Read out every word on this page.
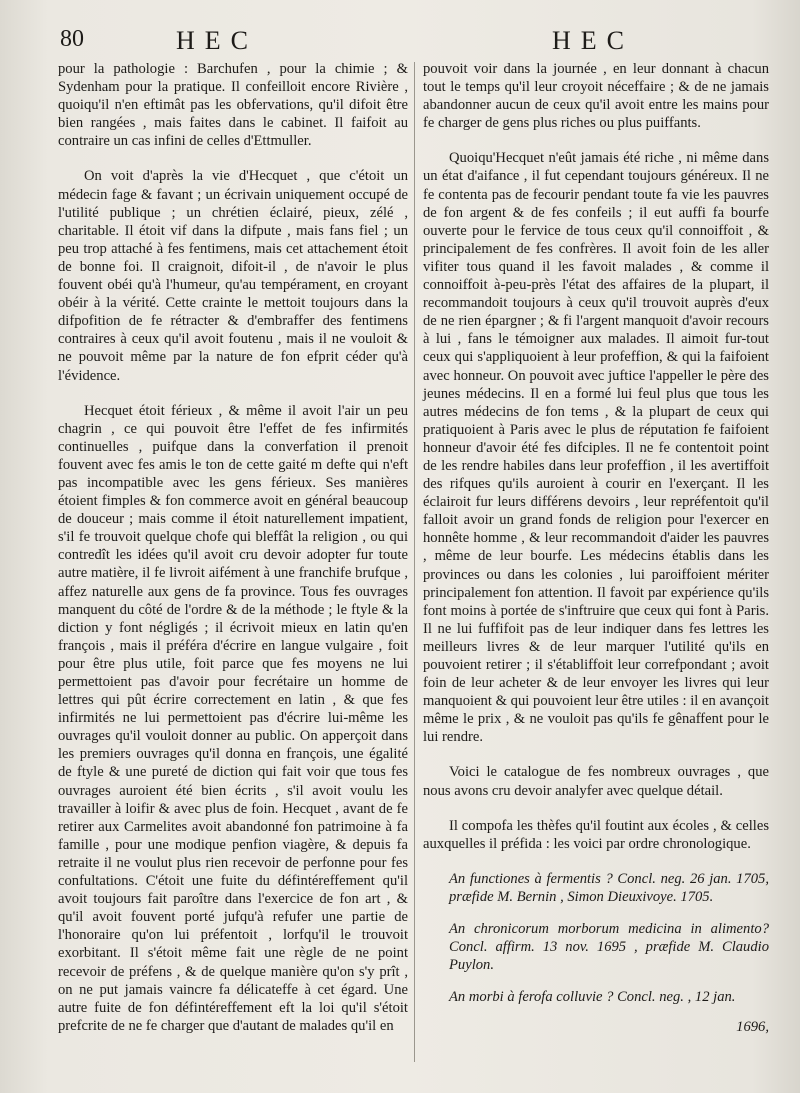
80	HEC	HEC

pour la pathologie : Barchufen , pour la chimie ; & Sydenham pour la pratique. Il confeilloit encore Rivière , quoiqu'il n'en eftimât pas les obfervations, qu'il difoit être bien rangées , mais faites dans le cabinet. Il faifoit au contraire un cas infini de celles d'Ettmuller.

On voit d'après la vie d'Hecquet , que c'étoit un médecin fage & favant ; un écrivain uniquement occupé de l'utilité publique ; un chrétien éclairé, pieux, zélé , charitable. Il étoit vif dans la difpute , mais fans fiel ; un peu trop attaché à fes fentimens, mais cet attachement étoit de bonne foi. Il craignoit, difoit-il , de n'avoir le plus fouvent obéi qu'à l'humeur, qu'au tempérament, en croyant obéir à la vérité. Cette crainte le mettoit toujours dans la difpofition de fe rétracter & d'embraffer des fentimens contraires à ceux qu'il avoit foutenu , mais il ne vouloit & ne pouvoit même par la nature de fon efprit céder qu'à l'évidence.

Hecquet étoit férieux , & même il avoit l'air un peu chagrin , ce qui pouvoit être l'effet de fes infirmités continuelles , puifque dans la converfation il prenoit fouvent avec fes amis le ton de cette gaité m defte qui n'eft pas incompatible avec les gens férieux. Ses manières étoient fimples & fon commerce avoit en général beaucoup de douceur ; mais comme il étoit naturellement impatient, s'il fe trouvoit quelque chofe qui bleffât la religion , ou qui contredît les idées qu'il avoit cru devoir adopter fur toute autre matière, il fe livroit aifément à une franchife brufque , affez naturelle aux gens de fa province. Tous fes ouvrages manquent du côté de l'ordre & de la méthode ; le ftyle & la diction y font négligés ; il écrivoit mieux en latin qu'en françois , mais il préféra d'écrire en langue vulgaire , foit pour être plus utile, foit parce que fes moyens ne lui permettoient pas d'avoir pour fecrétaire un homme de lettres qui pût écrire correctement en latin , & que fes infirmités ne lui permettoient pas d'écrire lui-même les ouvrages qu'il vouloit donner au public. On apperçoit dans les premiers ouvrages qu'il donna en françois, une égalité de ftyle & une pureté de diction qui fait voir que tous fes ouvrages auroient été bien écrits , s'il avoit voulu les travailler à loifir & avec plus de foin. Hecquet , avant de fe retirer aux Carmelites avoit abandonné fon patrimoine à fa famille , pour une modique penfion viagère, & depuis fa retraite il ne voulut plus rien recevoir de perfonne pour fes confultations. C'étoit une fuite du défintéreffement qu'il avoit toujours fait paroître dans l'exercice de fon art , & qu'il avoit fouvent porté jufqu'à refufer une partie de l'honoraire qu'on lui préfentoit , lorfqu'il le trouvoit exorbitant. Il s'étoit même fait une règle de ne point recevoir de préfens , & de quelque manière qu'on s'y prît , on ne put jamais vaincre fa délicateffe à cet égard. Une autre fuite de fon défintéreffement eft la loi qu'il s'étoit prefcrite de ne fe charger que d'autant de malades qu'il en

pouvoit voir dans la journée , en leur donnant à chacun tout le temps qu'il leur croyoit néceffaire ; & de ne jamais abandonner aucun de ceux qu'il avoit entre les mains pour fe charger de gens plus riches ou plus puiffants.

Quoiqu'Hecquet n'eût jamais été riche , ni même dans un état d'aifance , il fut cependant toujours généreux. Il ne fe contenta pas de fecourir pendant toute fa vie les pauvres de fon argent & de fes confeils ; il eut auffi fa bourfe ouverte pour le fervice de tous ceux qu'il connoiffoit , & principalement de fes confrères. Il avoit foin de les aller vifiter tous quand il les favoit malades , & comme il connoiffoit à-peu-près l'état des affaires de la plupart, il recommandoit toujours à ceux qu'il trouvoit auprès d'eux de ne rien épargner ; & fi l'argent manquoit d'avoir recours à lui , fans le témoigner aux malades. Il aimoit fur-tout ceux qui s'appliquoient à leur profeffion, & qui la faifoient avec honneur. On pouvoit avec juftice l'appeller le père des jeunes médecins. Il en a formé lui feul plus que tous les autres médecins de fon tems , & la plupart de ceux qui pratiquoient à Paris avec le plus de réputation fe faifoient honneur d'avoir été fes difciples. Il ne fe contentoit point de les rendre habiles dans leur profeffion , il les avertiffoit des rifques qu'ils auroient à courir en l'exerçant. Il les éclairoit fur leurs différens devoirs , leur repréfentoit qu'il falloit avoir un grand fonds de religion pour l'exercer en honnête homme , & leur recommandoit d'aider les pauvres , même de leur bourfe. Les médecins établis dans les provinces ou dans les colonies , lui paroiffoient mériter principalement fon attention. Il favoit par expérience qu'ils font moins à portée de s'inftruire que ceux qui font à Paris. Il ne lui fuffifoit pas de leur indiquer dans fes lettres les meilleurs livres & de leur marquer l'utilité qu'ils en pouvoient retirer ; il s'établiffoit leur correfpondant ; avoit foin de leur acheter & de leur envoyer les livres qui leur manquoient & qui pouvoient leur être utiles : il en avançoit même le prix , & ne vouloit pas qu'ils fe gênaffent pour le lui rendre.

Voici le catalogue de fes nombreux ouvrages , que nous avons cru devoir analyfer avec quelque détail.

Il compofa les thèfes qu'il foutint aux écoles , & celles auxquelles il préfida : les voici par ordre chronologique.

An functiones à fermentis ? Concl. neg. 26 jan. 1705, præfide M. Bernin , Simon Dieuxivoye. 1705.

An chronicorum morborum medicina in alimento? Concl. affirm. 13 nov. 1695 , præfide M. Claudio Puylon.

An morbi à ferofa colluvie ? Concl. neg. , 12 jan.

1696,
